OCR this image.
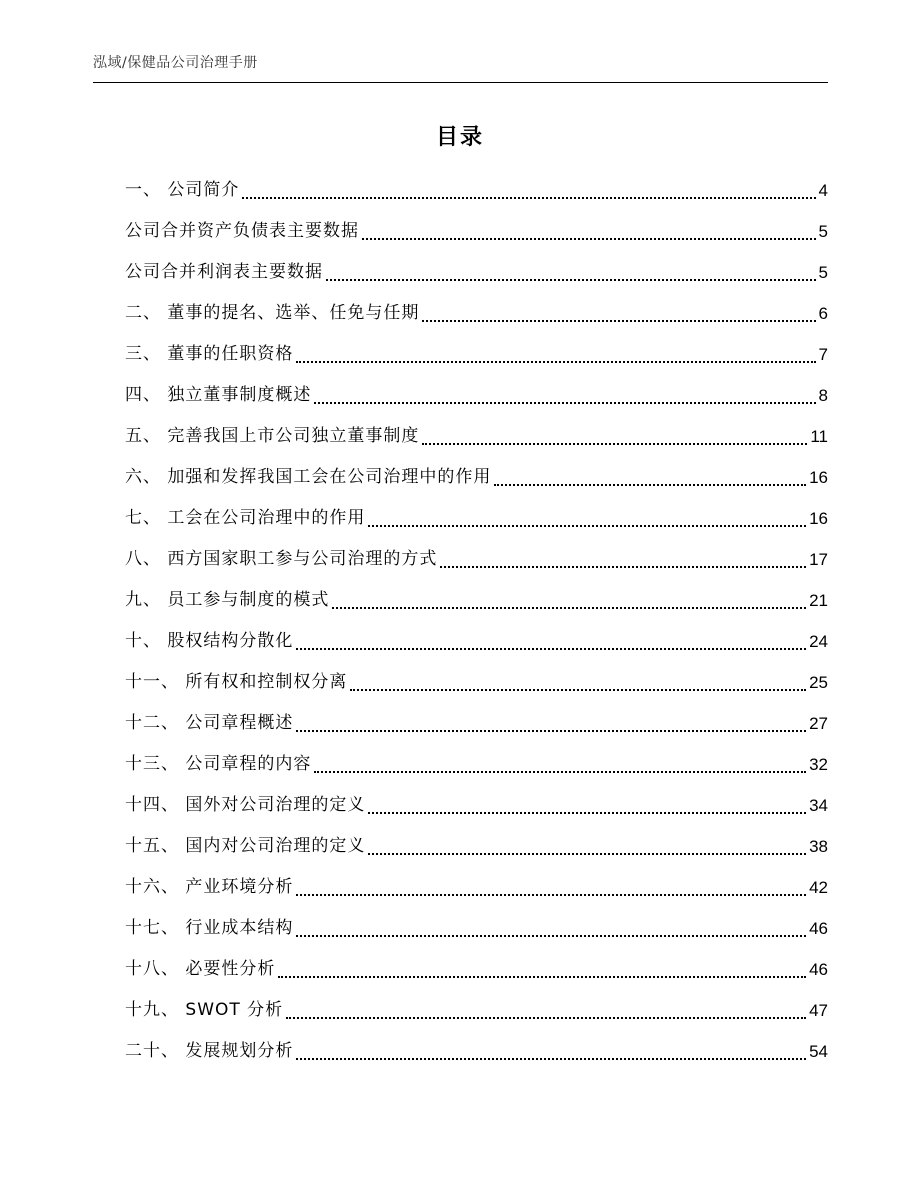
泓域/保健品公司治理手册
目录
一、 公司简介	4
公司合并资产负债表主要数据	5
公司合并利润表主要数据	5
二、 董事的提名、选举、任免与任期	6
三、 董事的任职资格	7
四、 独立董事制度概述	8
五、 完善我国上市公司独立董事制度	11
六、 加强和发挥我国工会在公司治理中的作用	16
七、 工会在公司治理中的作用	16
八、 西方国家职工参与公司治理的方式	17
九、 员工参与制度的模式	21
十、 股权结构分散化	24
十一、 所有权和控制权分离	25
十二、 公司章程概述	27
十三、 公司章程的内容	32
十四、 国外对公司治理的定义	34
十五、 国内对公司治理的定义	38
十六、 产业环境分析	42
十七、 行业成本结构	46
十八、 必要性分析	46
十九、 SWOT 分析	47
二十、 发展规划分析	54
